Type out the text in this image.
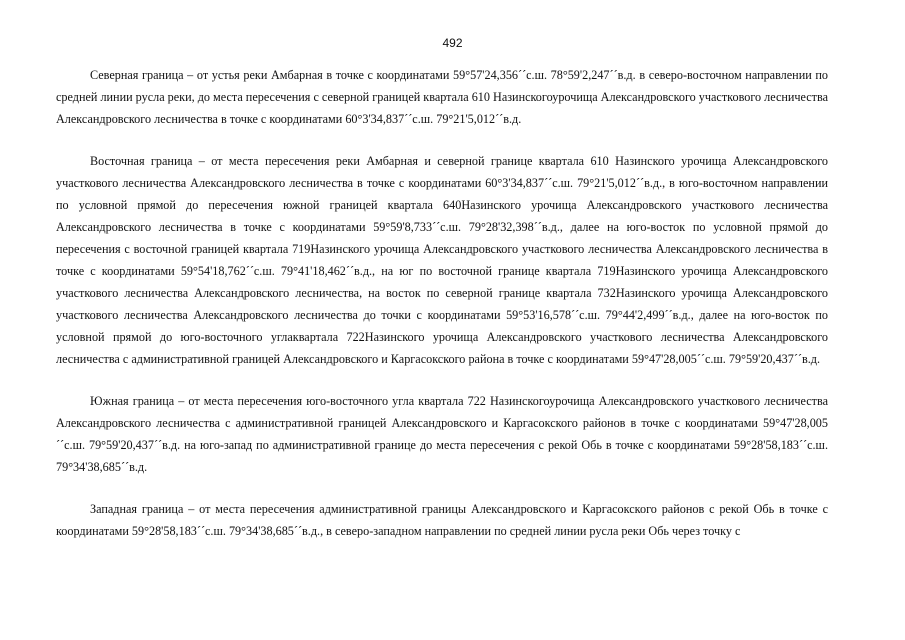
492

Северная граница – от устья реки Амбарная в точке с координатами 59°57'24,356´´с.ш. 78°59'2,247´´в.д. в северо-восточном направлении по средней линии русла реки, до места пересечения с северной границей квартала 610 Назинскогоурочища Александровского участкового лесничества Александровского лесничества в точке с координатами 60°3'34,837´´с.ш. 79°21'5,012´´в.д.

Восточная граница – от места пересечения реки Амбарная и северной границе квартала 610 Назинского урочища Александровского участкового лесничества Александровского лесничества в точке с координатами 60°3'34,837´´с.ш. 79°21'5,012´´в.д., в юго-восточном направлении по условной прямой до пересечения южной границей квартала 640Назинского урочища Александровского участкового лесничества Александровского лесничества в точке с координатами 59°59'8,733´´с.ш. 79°28'32,398´´в.д., далее на юго-восток по условной прямой до пересечения с восточной границей квартала 719Назинского урочища Александровского участкового лесничества Александровского лесничества в точке с координатами 59°54'18,762´´с.ш. 79°41'18,462´´в.д., на юг по восточной границе квартала 719Назинского урочища Александровского участкового лесничества Александровского лесничества, на восток по северной границе квартала 732Назинского урочища Александровского участкового лесничества Александровского лесничества до точки с координатами 59°53'16,578´´с.ш. 79°44'2,499´´в.д., далее на юго-восток по условной прямой до юго-восточного углаквартала 722Назинского урочища Александровского участкового лесничества Александровского лесничества с административной границей Александровского и Каргасокского района в точке с координатами 59°47'28,005´´с.ш. 79°59'20,437´´в.д.

Южная граница – от места пересечения юго-восточного угла квартала 722 Назинскогоурочища Александровского участкового лесничества Александровского лесничества с административной границей Александровского и Каргасокского районов в точке с координатами 59°47'28,005´´с.ш. 79°59'20,437´´в.д. на юго-запад по административной границе до места пересечения с рекой Обь в точке с координатами 59°28'58,183´´с.ш. 79°34'38,685´´в.д.

Западная граница – от места пересечения административной границы Александровского и Каргасокского районов с рекой Обь в точке с координатами 59°28'58,183´´с.ш. 79°34'38,685´´в.д., в северо-западном направлении по средней линии русла реки Обь через точку с
